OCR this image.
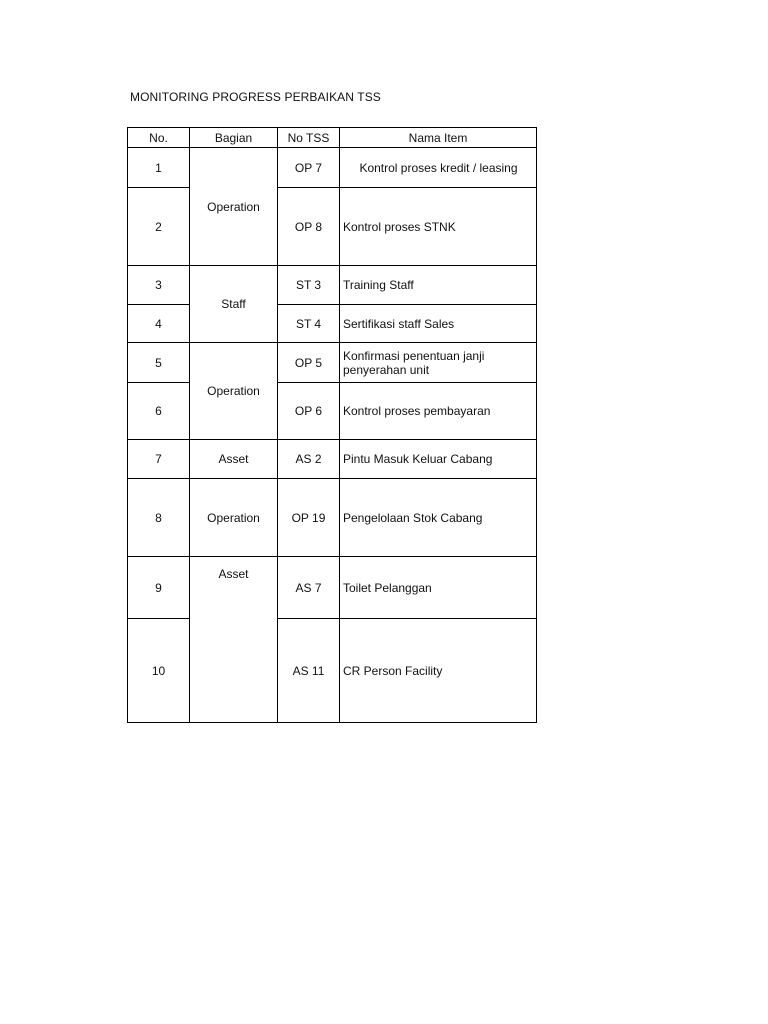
MONITORING PROGRESS PERBAIKAN TSS
No.	Bagian	No TSS	Nama Item
1	Operation	OP 7	Kontrol proses kredit / leasing
2		OP 8	Kontrol proses STNK
3	Staff	ST 3	Training Staff
4		ST 4	Sertifikasi staff Sales
5	Operation	OP 5	Konfirmasi penentuan janji penyerahan unit
6		OP 6	Kontrol proses pembayaran
7	Asset	AS 2	Pintu Masuk Keluar Cabang
8	Operation	OP 19	Pengelolaan Stok Cabang
9	Asset	AS 7	Toilet Pelanggan
10		AS 11	CR Person Facility
